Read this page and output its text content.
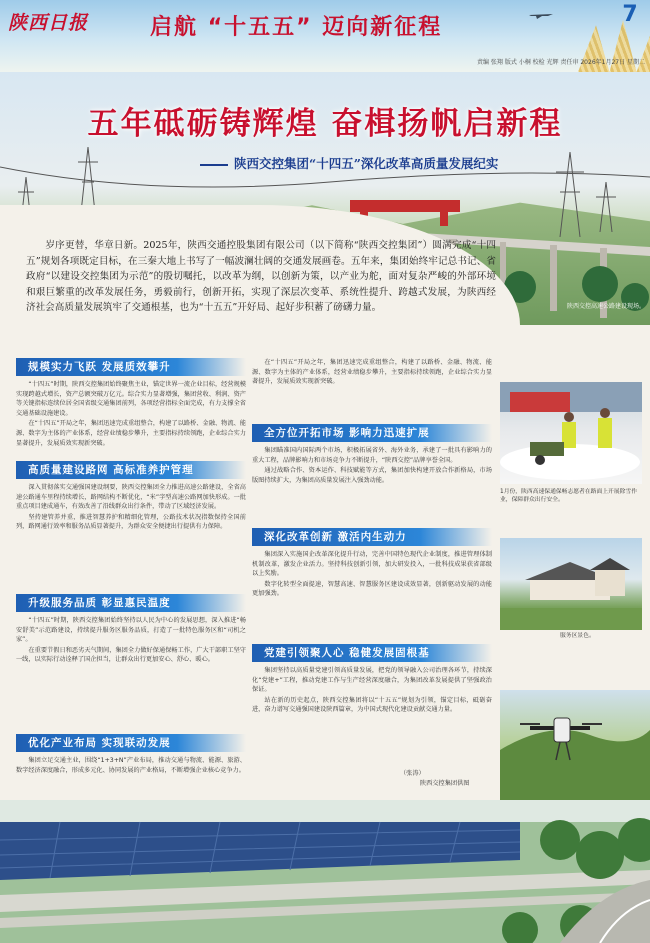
陕西日报	启航 “十五五” 迈向新征程
7
责编 张翔 版式 小桐 校检 光辉 责任审 2026年1月27日 星期二
五年砥砺铸辉煌 奋楫扬帆启新程
陕西交控集团“十四五”深化改革高质量发展纪实
陕西交控高速公路建设现场。
岁序更替，华章日新。2025年，陕西交通控股集团有限公司（以下简称“陕西交控集团”）圆满完成“十四五”规划各项既定目标，在三秦大地上书写了一幅波澜壮阔的交通发展画卷。五年来，集团始终牢记总书记、省政府“以建设交控集团为示范”的殷切嘱托，以改革为纲，以创新为策，以产业为舵，面对复杂严峻的外部环境和艰巨繁重的改革发展任务，勇毅前行，创新开拓，实现了深层次变革、系统性提升、跨越式发展，为陕西经济社会高质量发展筑牢了交通根基，也为“十五五”开好局、起好步积蓄了磅礴力量。
规模实力飞跃 发展质效攀升

“十四五”时期，陕西交控集团始终聚焦主业，锚定世界一流企业目标，经营规模实现跨越式增长，资产总额突破万亿元。综合实力显著增强，集团营收、利润、资产等关键指标连续位居全国省级交通集团前列，各项经营指标全面完成，有力支撑全省交通基础设施建设。

在“十四五”开局之年，集团迅速完成重组整合，构建了以路桥、金融、物流、能源、数字为主体的产业体系，经营业绩稳步攀升，主要指标持续领跑，企业综合实力显著提升，发展质效实现新突破。

高质量建设路网 高标准养护管理

深入贯彻落实交通强国建设纲要，陕西交控集团全力推进高速公路建设，全省高速公路通车里程持续增长，路网结构不断优化，“米”字型高速公路网加快形成。一批重点项目建成通车，有效改善了沿线群众出行条件，带动了区域经济发展。

坚持建管养并重，推进智慧养护和精细化管理，公路技术状况指数保持全国前列，路网通行效率和服务品质显著提升，为群众安全便捷出行提供有力保障。

升级服务品质 彰显惠民温度

“十四五”时期，陕西交控集团始终坚持以人民为中心的发展思想，深入推进“畅安舒美”示范路建设，持续提升服务区服务品质，打造了一批特色服务区和“司机之家”。

在重要节假日和恶劣天气期间，集团全力做好保通保畅工作，广大干部职工坚守一线，以实际行动诠释了国企担当，让群众出行更加安心、舒心、暖心。

优化产业布局 实现联动发展

集团立足交通主业，围绕“1+3+N”产业布局，推动交通与物流、能源、旅游、数字经济深度融合，形成多元化、协同发展的产业格局，不断增强企业核心竞争力。

在“十四五”开局之年，集团迅速完成重组整合，构建了以路桥、金融、物流、能源、数字为主体的产业体系，经营业绩稳步攀升，主要指标持续领跑，企业综合实力显著提升，发展质效实现新突破。

全方位开拓市场 影响力迅速扩展

集团瞄准国内国际两个市场，积极拓展省外、海外业务，承建了一批具有影响力的重大工程，品牌影响力和市场竞争力不断提升，“陕西交控”品牌享誉全国。

通过战略合作、资本运作、科技赋能等方式，集团加快构建开放合作新格局，市场版图持续扩大，为集团高质量发展注入强劲动能。

深化改革创新 激活内生动力

集团深入实施国企改革深化提升行动，完善中国特色现代企业制度，推进管理体制机制改革，激发企业活力。坚持科技创新引领，加大研发投入，一批科技成果获省部级以上奖励。

数字化转型全面提速，智慧高速、智慧服务区建设成效显著，创新驱动发展的动能更加强劲。

党建引领聚人心 稳健发展固根基

集团坚持以高质量党建引领高质量发展，把党的领导融入公司治理各环节，持续深化“党建+”工程，推动党建工作与生产经营深度融合，为集团改革发展提供了坚强政治保证。

站在新的历史起点，陕西交控集团将以“十五五”规划为引领，锚定目标，砥砺奋进，奋力谱写交通强国建设陕西篇章，为中国式现代化建设贡献交通力量。

（张涛）
陕西交控集团供图
1月份，陕西高速保通保畅志愿者在路面上开展除雪作业，保障群众出行安全。
服务区景色。
